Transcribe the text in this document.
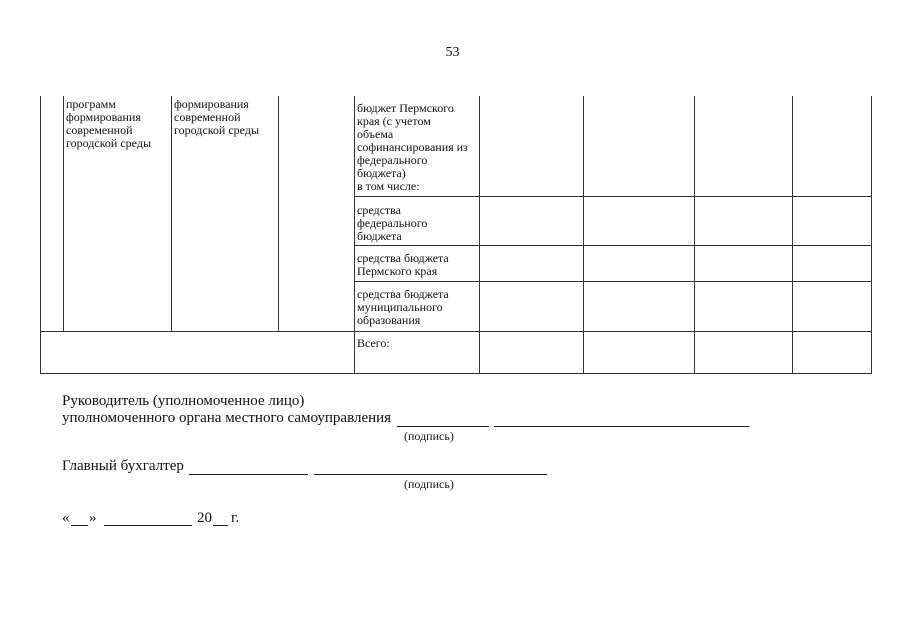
53
программ
формирования
современной
городской среды
формирования
современной
городской среды
бюджет Пермского
края (с учетом
объема
софинансирования из
федерального
бюджета)
в том числе:
средства
федерального
бюджета
средства бюджета
Пермского края
средства бюджета
муниципального
образования
Всего:
Руководитель (уполномоченное лицо)
уполномоченного органа местного самоуправления
(подпись)
Главный бухгалтер
(подпись)
« »	20 г.
